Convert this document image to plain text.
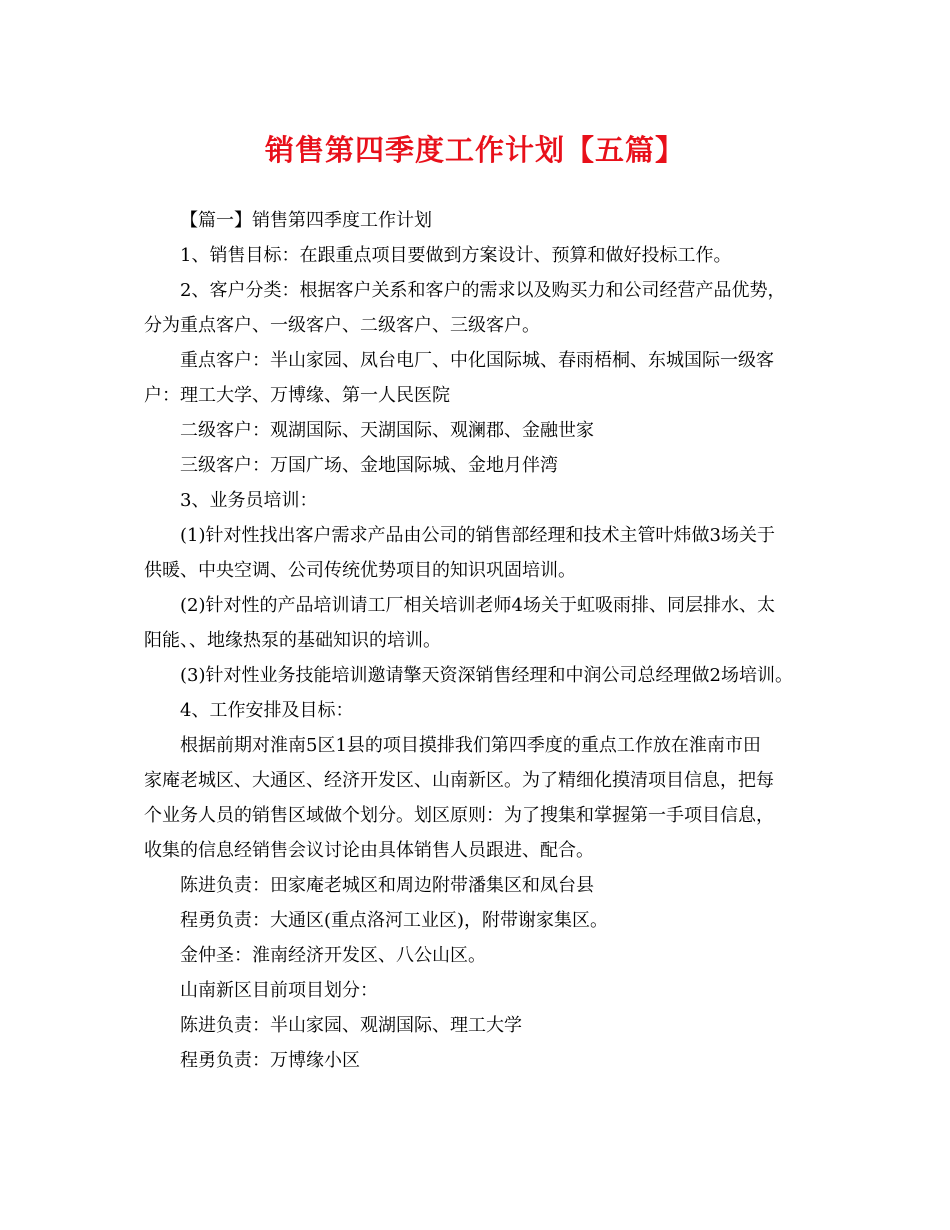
销售第四季度工作计划【五篇】
【篇一】销售第四季度工作计划
1、销售目标：在跟重点项目要做到方案设计、预算和做好投标工作。
2、客户分类：根据客户关系和客户的需求以及购买力和公司经营产品优势，
分为重点客户、一级客户、二级客户、三级客户。
重点客户：半山家园、凤台电厂、中化国际城、春雨梧桐、东城国际一级客
户：理工大学、万博缘、第一人民医院
二级客户：观湖国际、天湖国际、观澜郡、金融世家
三级客户：万国广场、金地国际城、金地月伴湾
3、业务员培训：
(1)针对性找出客户需求产品由公司的销售部经理和技术主管叶炜做3场关于
供暖、中央空调、公司传统优势项目的知识巩固培训。
(2)针对性的产品培训请工厂相关培训老师4场关于虹吸雨排、同层排水、太
阳能、、地缘热泵的基础知识的培训。
(3)针对性业务技能培训邀请擎天资深销售经理和中润公司总经理做2场培训。
4、工作安排及目标：
根据前期对淮南5区1县的项目摸排我们第四季度的重点工作放在淮南市田
家庵老城区、大通区、经济开发区、山南新区。为了精细化摸清项目信息，把每
个业务人员的销售区域做个划分。划区原则：为了搜集和掌握第一手项目信息，
收集的信息经销售会议讨论由具体销售人员跟进、配合。
陈进负责：田家庵老城区和周边附带潘集区和凤台县
程勇负责：大通区(重点洛河工业区)，附带谢家集区。
金仲圣：淮南经济开发区、八公山区。
山南新区目前项目划分：
陈进负责：半山家园、观湖国际、理工大学
程勇负责：万博缘小区
